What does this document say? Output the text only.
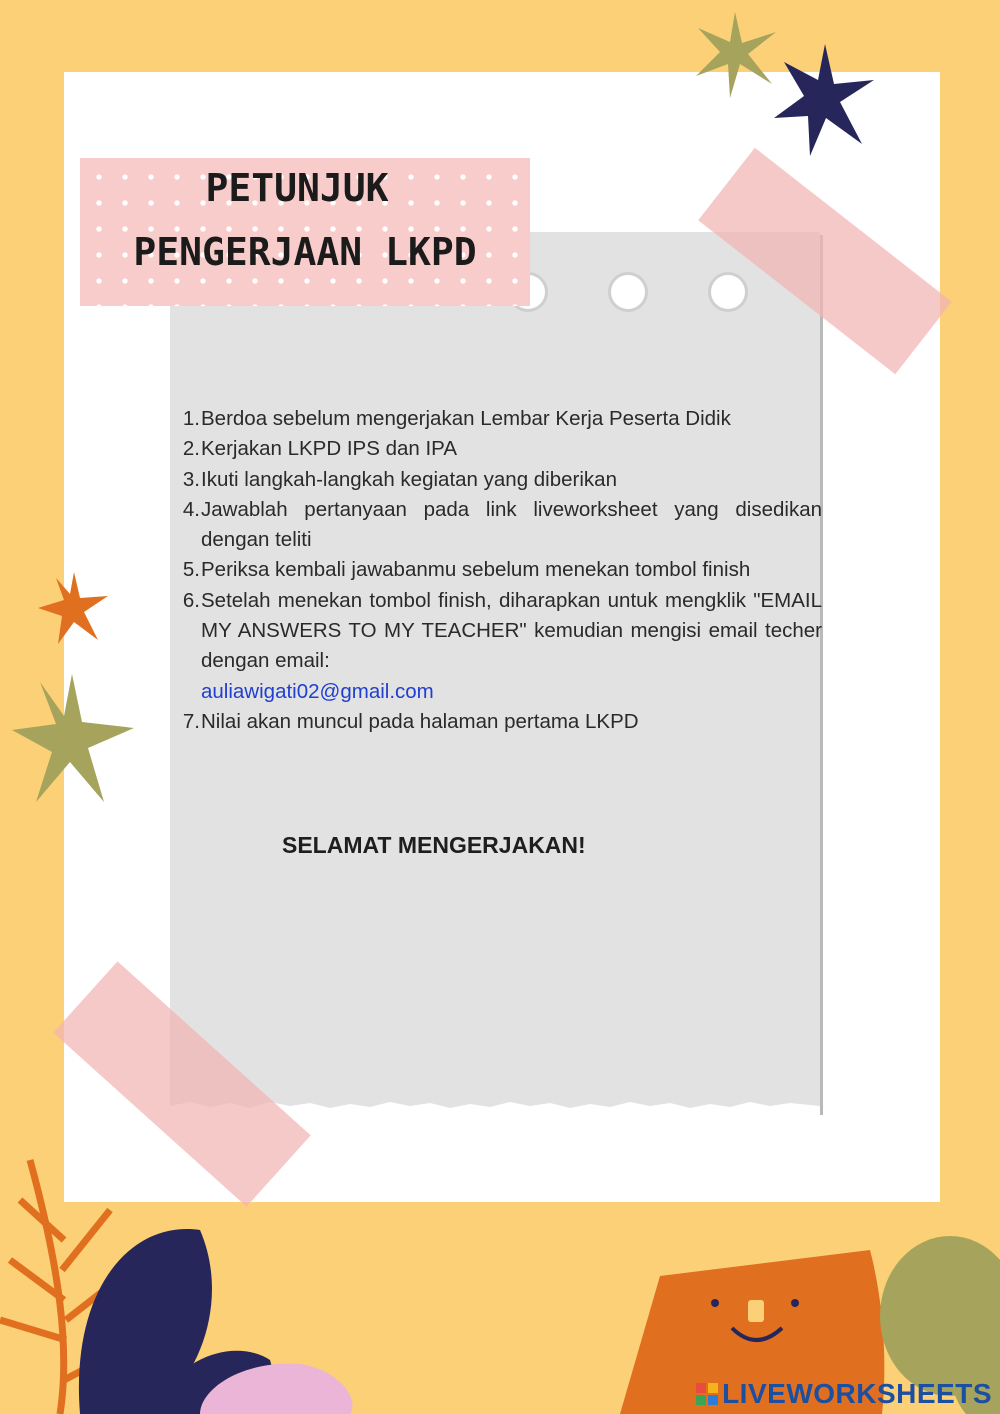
PETUNJUK
PENGERJAAN LKPD
1. Berdoa sebelum mengerjakan Lembar Kerja Peserta Didik
2. Kerjakan LKPD IPS dan IPA
3. Ikuti langkah-langkah kegiatan yang diberikan
4. Jawablah pertanyaan pada link liveworksheet yang disedikan dengan teliti
5. Periksa kembali jawabanmu sebelum menekan tombol finish
6. Setelah menekan tombol finish, diharapkan untuk mengklik "EMAIL MY ANSWERS TO MY TEACHER" kemudian mengisi email techer dengan email:
auliawigati02@gmail.com
7. Nilai akan muncul pada halaman pertama LKPD
SELAMAT MENGERJAKAN!
LIVEWORKSHEETS
